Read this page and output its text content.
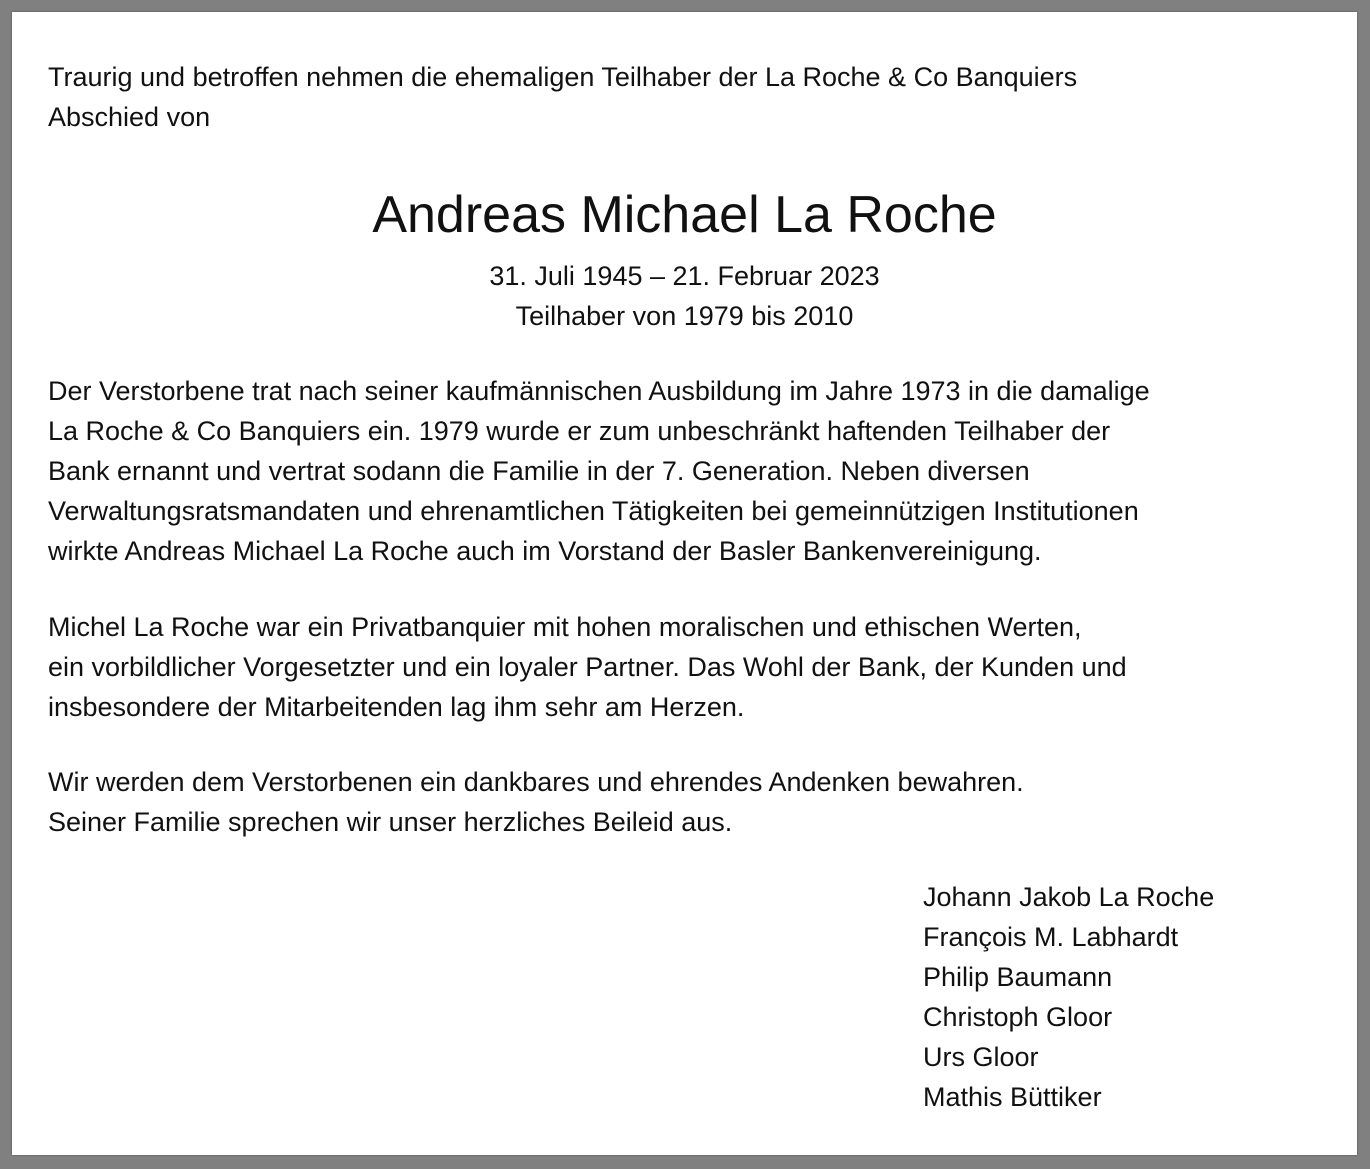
Traurig und betroffen nehmen die ehemaligen Teilhaber der La Roche & Co Banquiers

Abschied von

Andreas Michael La Roche

31. Juli 1945 – 21. Februar 2023

Teilhaber von 1979 bis 2010

Der Verstorbene trat nach seiner kaufmännischen Ausbildung im Jahre 1973 in die damalige

La Roche & Co Banquiers ein. 1979 wurde er zum unbeschränkt haftenden Teilhaber der

Bank ernannt und vertrat sodann die Familie in der 7. Generation. Neben diversen

Verwaltungsratsmandaten und ehrenamtlichen Tätigkeiten bei gemeinnützigen Institutionen

wirkte Andreas Michael La Roche auch im Vorstand der Basler Bankenvereinigung.

Michel La Roche war ein Privatbanquier mit hohen moralischen und ethischen Werten,

ein vorbildlicher Vorgesetzter und ein loyaler Partner. Das Wohl der Bank, der Kunden und

insbesondere der Mitarbeitenden lag ihm sehr am Herzen.

Wir werden dem Verstorbenen ein dankbares und ehrendes Andenken bewahren.

Seiner Familie sprechen wir unser herzliches Beileid aus.

Johann Jakob La Roche

François M. Labhardt

Philip Baumann

Christoph Gloor

Urs Gloor

Mathis Büttiker
